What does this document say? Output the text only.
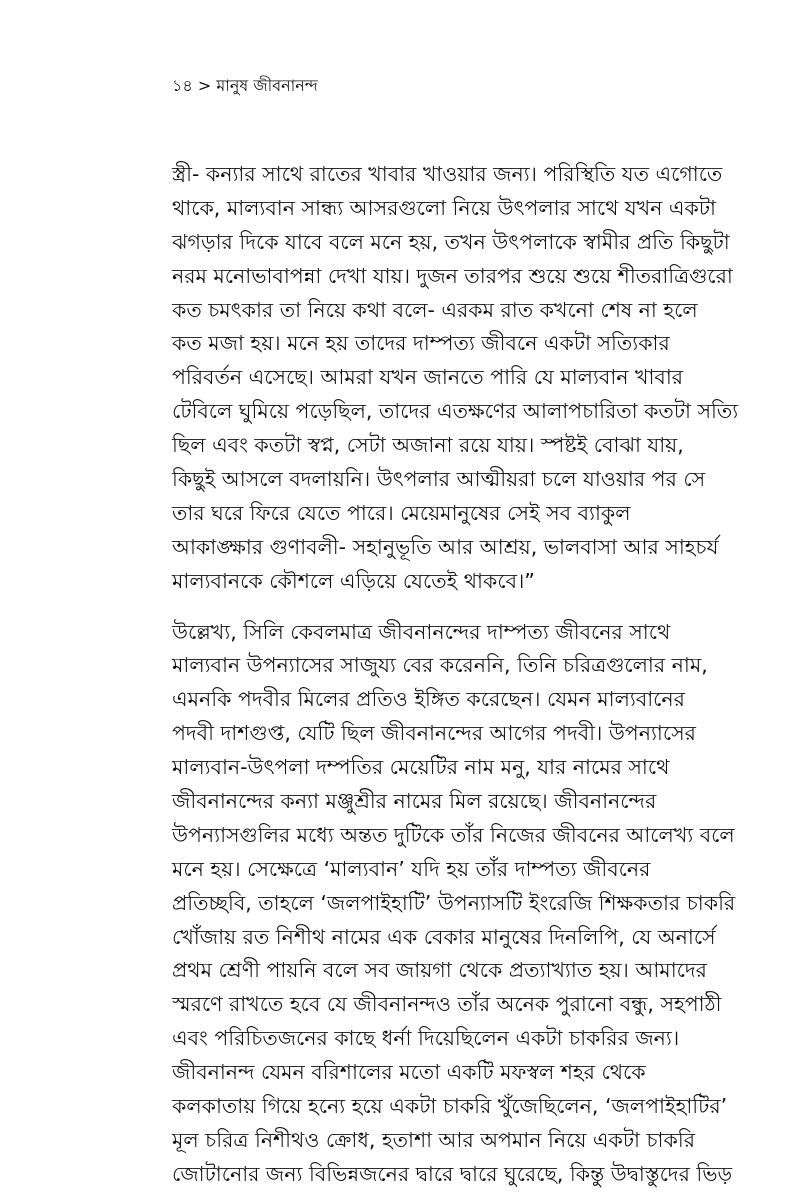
১৪ > মানুষ জীবনানন্দ
স্ত্রী- কন্যার সাথে রাতের খাবার খাওয়ার জন্য। পরিস্থিতি যত এগোতে
থাকে, মাল্যবান সান্ধ্য আসরগুলো নিয়ে উৎপলার সাথে যখন একটা
ঝগড়ার দিকে যাবে বলে মনে হয়, তখন উৎপলাকে স্বামীর প্রতি কিছুটা
নরম মনোভাবাপন্না দেখা যায়। দুজন তারপর শুয়ে শুয়ে শীতরাত্রিগুরো
কত চমৎকার তা নিয়ে কথা বলে- এরকম রাত কখনো শেষ না হলে
কত মজা হয়। মনে হয় তাদের দাম্পত্য জীবনে একটা সত্যিকার
পরিবর্তন এসেছে। আমরা যখন জানতে পারি যে মাল্যবান খাবার
টেবিলে ঘুমিয়ে পড়েছিল, তাদের এতক্ষণের আলাপচারিতা কতটা সত্যি
ছিল এবং কতটা স্বপ্ন, সেটা অজানা রয়ে যায়। স্পষ্টই বোঝা যায়,
কিছুই আসলে বদলায়নি। উৎপলার আত্মীয়রা চলে যাওয়ার পর সে
তার ঘরে ফিরে যেতে পারে। মেয়েমানুষের সেই সব ব্যাকুল
আকাঙ্ক্ষার গুণাবলী- সহানুভূতি আর আশ্রয়, ভালবাসা আর সাহচর্য
মাল্যবানকে কৌশলে এড়িয়ে যেতেই থাকবে।”
উল্লেখ্য, সিলি কেবলমাত্র জীবনানন্দের দাম্পত্য জীবনের সাথে
মাল্যবান উপন্যাসের সাজুয্য বের করেননি, তিনি চরিত্রগুলোর নাম,
এমনকি পদবীর মিলের প্রতিও ইঙ্গিত করেছেন। যেমন মাল্যবানের
পদবী দাশগুপ্ত, যেটি ছিল জীবনানন্দের আগের পদবী। উপন্যাসের
মাল্যবান-উৎপলা দম্পতির মেয়েটির নাম মনু, যার নামের সাথে
জীবনানন্দের কন্যা মঞ্জুশ্রীর নামের মিল রয়েছে। জীবনানন্দের
উপন্যাসগুলির মধ্যে অন্তত দুটিকে তাঁর নিজের জীবনের আলেখ্য বলে
মনে হয়। সেক্ষেত্রে ‘মাল্যবান’ যদি হয় তাঁর দাম্পত্য জীবনের
প্রতিচ্ছবি, তাহলে ‘জলপাইহাটি’ উপন্যাসটি ইংরেজি শিক্ষকতার চাকরি
খোঁজায় রত নিশীথ নামের এক বেকার মানুষের দিনলিপি, যে অনার্সে
প্রথম শ্রেণী পায়নি বলে সব জায়গা থেকে প্রত্যাখ্যাত হয়। আমাদের
স্মরণে রাখতে হবে যে জীবনানন্দও তাঁর অনেক পুরানো বন্ধু, সহপাঠী
এবং পরিচিতজনের কাছে ধর্না দিয়েছিলেন একটা চাকরির জন্য।
জীবনানন্দ যেমন বরিশালের মতো একটি মফস্বল শহর থেকে
কলকাতায় গিয়ে হন্যে হয়ে একটা চাকরি খুঁজেছিলেন, ‘জলপাইহাটির’
মূল চরিত্র নিশীথও ক্রোধ, হতাশা আর অপমান নিয়ে একটা চাকরি
জোটানোর জন্য বিভিন্নজনের দ্বারে দ্বারে ঘুরেছে, কিন্তু উদ্বাস্তুদের ভিড়
